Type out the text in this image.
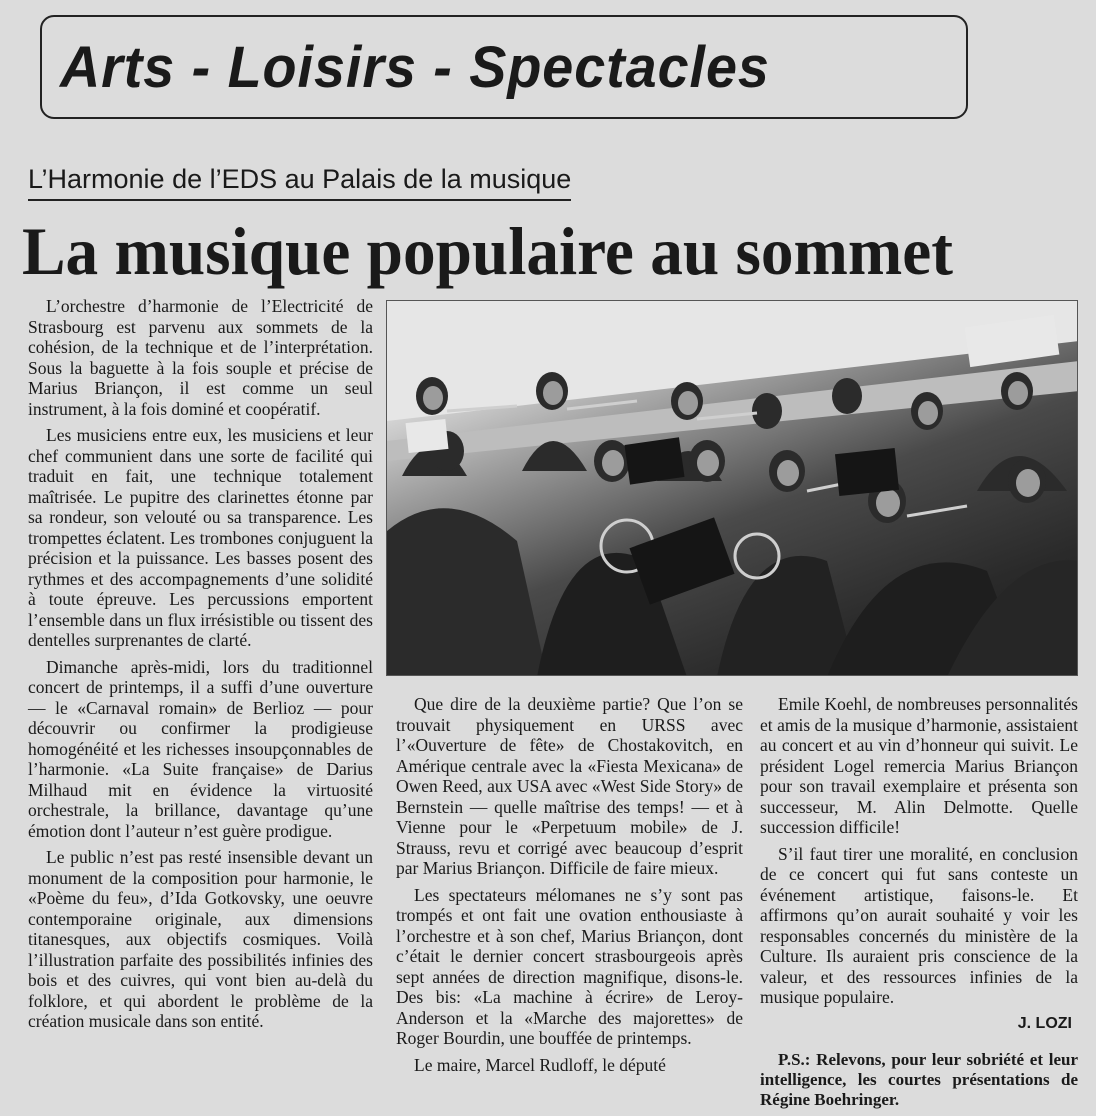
Arts - Loisirs - Spectacles
L’Harmonie de l’EDS au Palais de la musique
La musique populaire au sommet

L’orchestre d’harmonie de l’Electricité de Strasbourg est parvenu aux sommets de la cohésion, de la technique et de l’interprétation. Sous la baguette à la fois souple et précise de Marius Briançon, il est comme un seul instrument, à la fois dominé et coopératif.

Les musiciens entre eux, les musiciens et leur chef communient dans une sorte de facilité qui traduit en fait, une technique totalement maîtrisée. Le pupitre des clarinettes étonne par sa rondeur, son velouté ou sa transparence. Les trompettes éclatent. Les trombones conjuguent la précision et la puissance. Les basses posent des rythmes et des accompagnements d’une solidité à toute épreuve. Les percussions emportent l’ensemble dans un flux irrésistible ou tissent des dentelles surprenantes de clarté.

Dimanche après-midi, lors du traditionnel concert de printemps, il a suffi d’une ouverture — le «Carnaval romain» de Berlioz — pour découvrir ou confirmer la prodigieuse homogénéité et les richesses insoupçonnables de l’harmonie. «La Suite française» de Darius Milhaud mit en évidence la virtuosité orchestrale, la brillance, davantage qu’une émotion dont l’auteur n’est guère prodigue.

Le public n’est pas resté insensible devant un monument de la composition pour harmonie, le «Poème du feu», d’Ida Gotkovsky, une oeuvre contemporaine originale, aux dimensions titanesques, aux objectifs cosmiques. Voilà l’illustration parfaite des possibilités infinies des bois et des cuivres, qui vont bien au-delà du folklore, et qui abordent le problème de la création musicale dans son entité.

Que dire de la deuxième partie? Que l’on se trouvait physiquement en URSS avec l’«Ouverture de fête» de Chostakovitch, en Amérique centrale avec la «Fiesta Mexicana» de Owen Reed, aux USA avec «West Side Story» de Bernstein — quelle maîtrise des temps! — et à Vienne pour le «Perpetuum mobile» de J. Strauss, revu et corrigé avec beaucoup d’esprit par Marius Briançon. Difficile de faire mieux.

Les spectateurs mélomanes ne s’y sont pas trompés et ont fait une ovation enthousiaste à l’orchestre et à son chef, Marius Briançon, dont c’était le dernier concert strasbourgeois après sept années de direction magnifique, disons-le. Des bis: «La machine à écrire» de Leroy-Anderson et la «Marche des majorettes» de Roger Bourdin, une bouffée de printemps.

Le maire, Marcel Rudloff, le député

Emile Koehl, de nombreuses personnalités et amis de la musique d’harmonie, assistaient au concert et au vin d’honneur qui suivit. Le président Logel remercia Marius Briançon pour son travail exemplaire et présenta son successeur, M. Alin Delmotte. Quelle succession difficile!

S’il faut tirer une moralité, en conclusion de ce concert qui fut sans conteste un événement artistique, faisons-le. Et affirmons qu’on aurait souhaité y voir les responsables concernés du ministère de la Culture. Ils auraient pris conscience de la valeur, et des ressources infinies de la musique populaire.

J. LOZI

P.S.: Relevons, pour leur sobriété et leur intelligence, les courtes présentations de Régine Boehringer.
